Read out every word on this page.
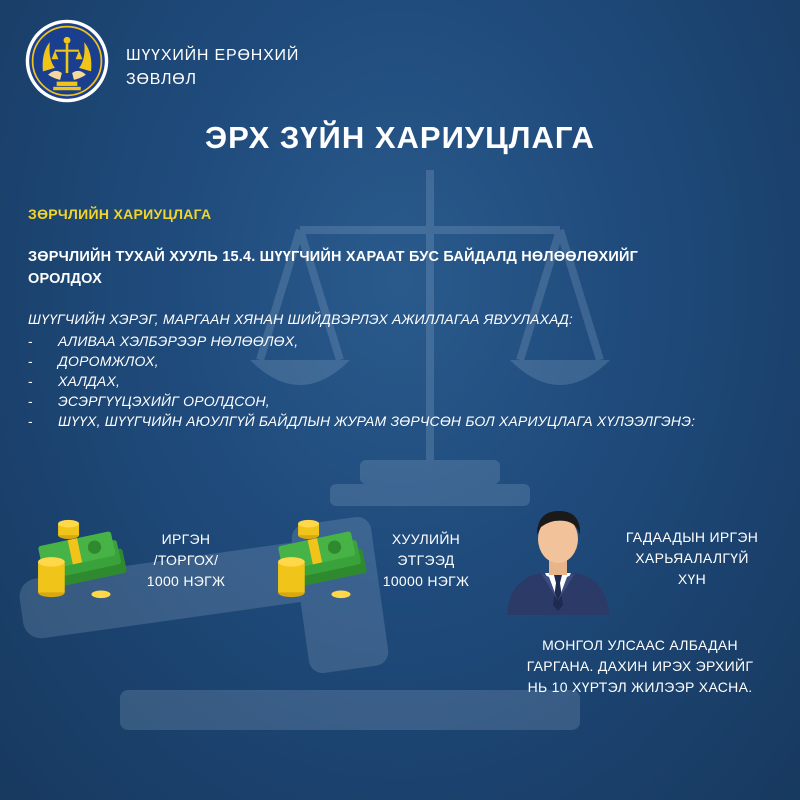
ШҮҮХИЙН ЕРӨНХИЙ
ЗӨВЛӨЛ
ЭРХ ЗҮЙН ХАРИУЦЛАГА
ЗӨРЧЛИЙН ХАРИУЦЛАГА
ЗӨРЧЛИЙН ТУХАЙ ХУУЛЬ 15.4. ШҮҮГЧИЙН ХАРААТ БУС БАЙДАЛД НӨЛӨӨЛӨХИЙГ
ОРОЛДОХ
ШҮҮГЧИЙН ХЭРЭГ, МАРГААН ХЯНАН ШИЙДВЭРЛЭХ АЖИЛЛАГАА ЯВУУЛАХАД:
-	АЛИВАА ХЭЛБЭРЭЭР НӨЛӨӨЛӨХ,
-	ДОРОМЖЛОХ,
-	ХАЛДАХ,
-	ЭСЭРГҮҮЦЭХИЙГ ОРОЛДСОН,
-	ШҮҮХ, ШҮҮГЧИЙН АЮУЛГҮЙ БАЙДЛЫН ЖУРАМ ЗӨРЧСӨН БОЛ ХАРИУЦЛАГА ХҮЛЭЭЛГЭНЭ:
ИРГЭН
/ТОРГОХ/
1000 НЭГЖ
ХУУЛИЙН
ЭТГЭЭД
10000 НЭГЖ
ГАДААДЫН ИРГЭН
ХАРЬЯАЛАЛГҮЙ
ХҮН
МОНГОЛ УЛСААС АЛБАДАН
ГАРГАНА. ДАХИН ИРЭХ ЭРХИЙГ
НЬ 10 ХҮРТЭЛ ЖИЛЭЭР ХАСНА.
